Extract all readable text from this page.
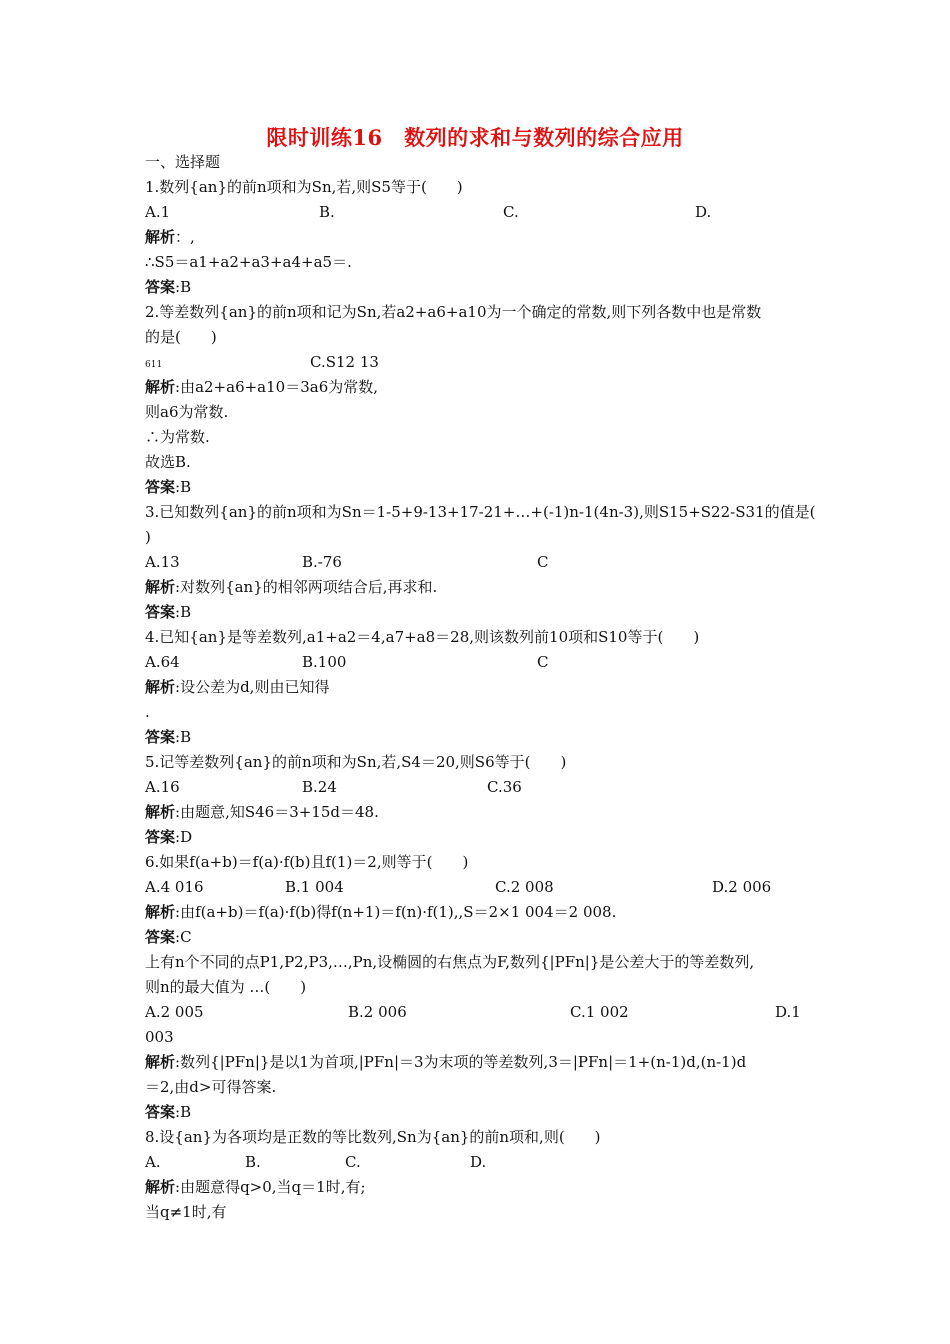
限时训练16　数列的求和与数列的综合应用
一、选择题
1.数列{an}的前n项和为Sn,若,则S5等于(　　)
A.1	B.	C.	D.
解析：,
∴S5＝a1+a2+a3+a4+a5＝.
答案:B
2.等差数列{an}的前n项和记为Sn,若a2+a6+a10为一个确定的常数,则下列各数中也是常数
的是(　　)
611	C.S12 13
解析:由a2+a6+a10＝3a6为常数,
则a6为常数.
∴为常数.
故选B.
答案:B
3.已知数列{an}的前n项和为Sn＝1-5+9-13+17-21+…+(-1)n-1(4n-3),则S15+S22-S31的值是(
)
A.13	B.-76	C
解析:对数列{an}的相邻两项结合后,再求和.
答案:B
4.已知{an}是等差数列,a1+a2＝4,a7+a8＝28,则该数列前10项和S10等于(　　)
A.64	B.100	C
解析:设公差为d,则由已知得
.
答案:B
5.记等差数列{an}的前n项和为Sn,若,S4＝20,则S6等于(　　)
A.16	B.24	C.36
解析:由题意,知S46＝3+15d＝48.
答案:D
6.如果f(a+b)＝f(a)·f(b)且f(1)＝2,则等于(　　)
A.4 016	B.1 004	C.2 008	D.2 006
解析:由f(a+b)＝f(a)·f(b)得f(n+1)＝f(n)·f(1),,S＝2×1 004＝2 008.
答案:C
上有n个不同的点P1,P2,P3,…,Pn,设椭圆的右焦点为F,数列{|PFn|}是公差大于的等差数列,
则n的最大值为 …(　　)
A.2 005	B.2 006	C.1 002	D.1
003
解析:数列{|PFn|}是以1为首项,|PFn|＝3为末项的等差数列,3＝|PFn|＝1+(n-1)d,(n-1)d
＝2,由d>可得答案.
答案:B
8.设{an}为各项均是正数的等比数列,Sn为{an}的前n项和,则(　　)
A.	B.	C.	D.
解析:由题意得q>0,当q＝1时,有;
当q≠1时,有
